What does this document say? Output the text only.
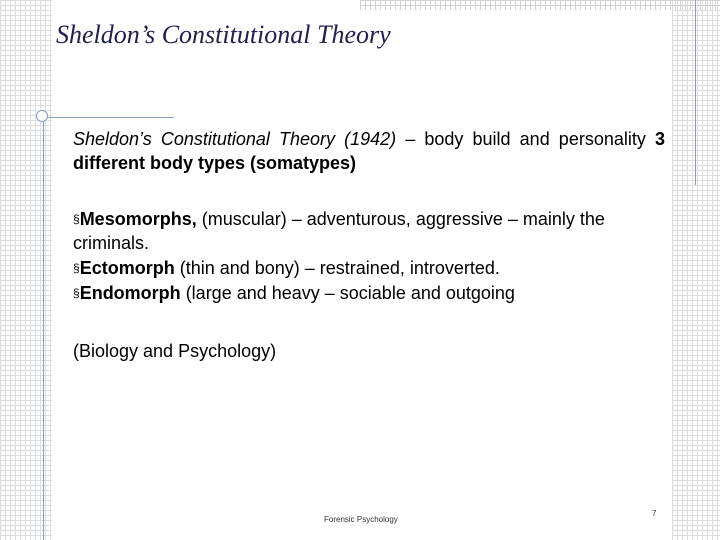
Sheldon’s Constitutional Theory

Sheldon’s Constitutional Theory (1942) – body build and personality 3 different body types (somatypes)

§Mesomorphs, (muscular) – adventurous, aggressive – mainly the criminals.
§Ectomorph (thin and bony) – restrained, introverted.
§Endomorph (large and heavy – sociable and outgoing

(Biology and Psychology)

Forensic Psychology
7
